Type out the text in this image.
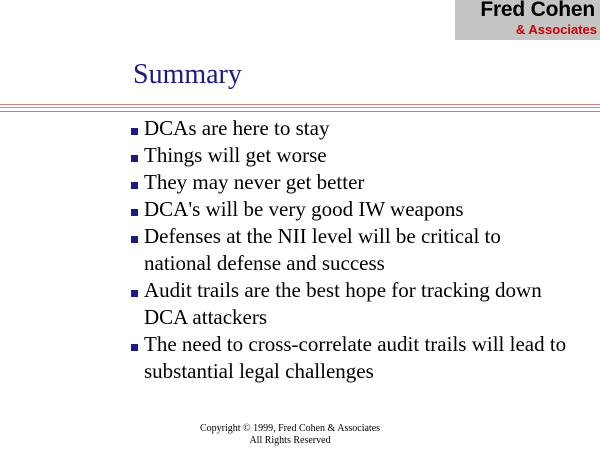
Fred Cohen
& Associates
Summary
DCAs are here to stay
Things will get worse
They may never get better
DCA's will be very good IW weapons
Defenses at the NII level will be critical to national defense and success
Audit trails are the best hope for tracking down DCA attackers
The need to cross-correlate audit trails will lead to substantial legal challenges
Copyright © 1999, Fred Cohen & Associates
All Rights Reserved
